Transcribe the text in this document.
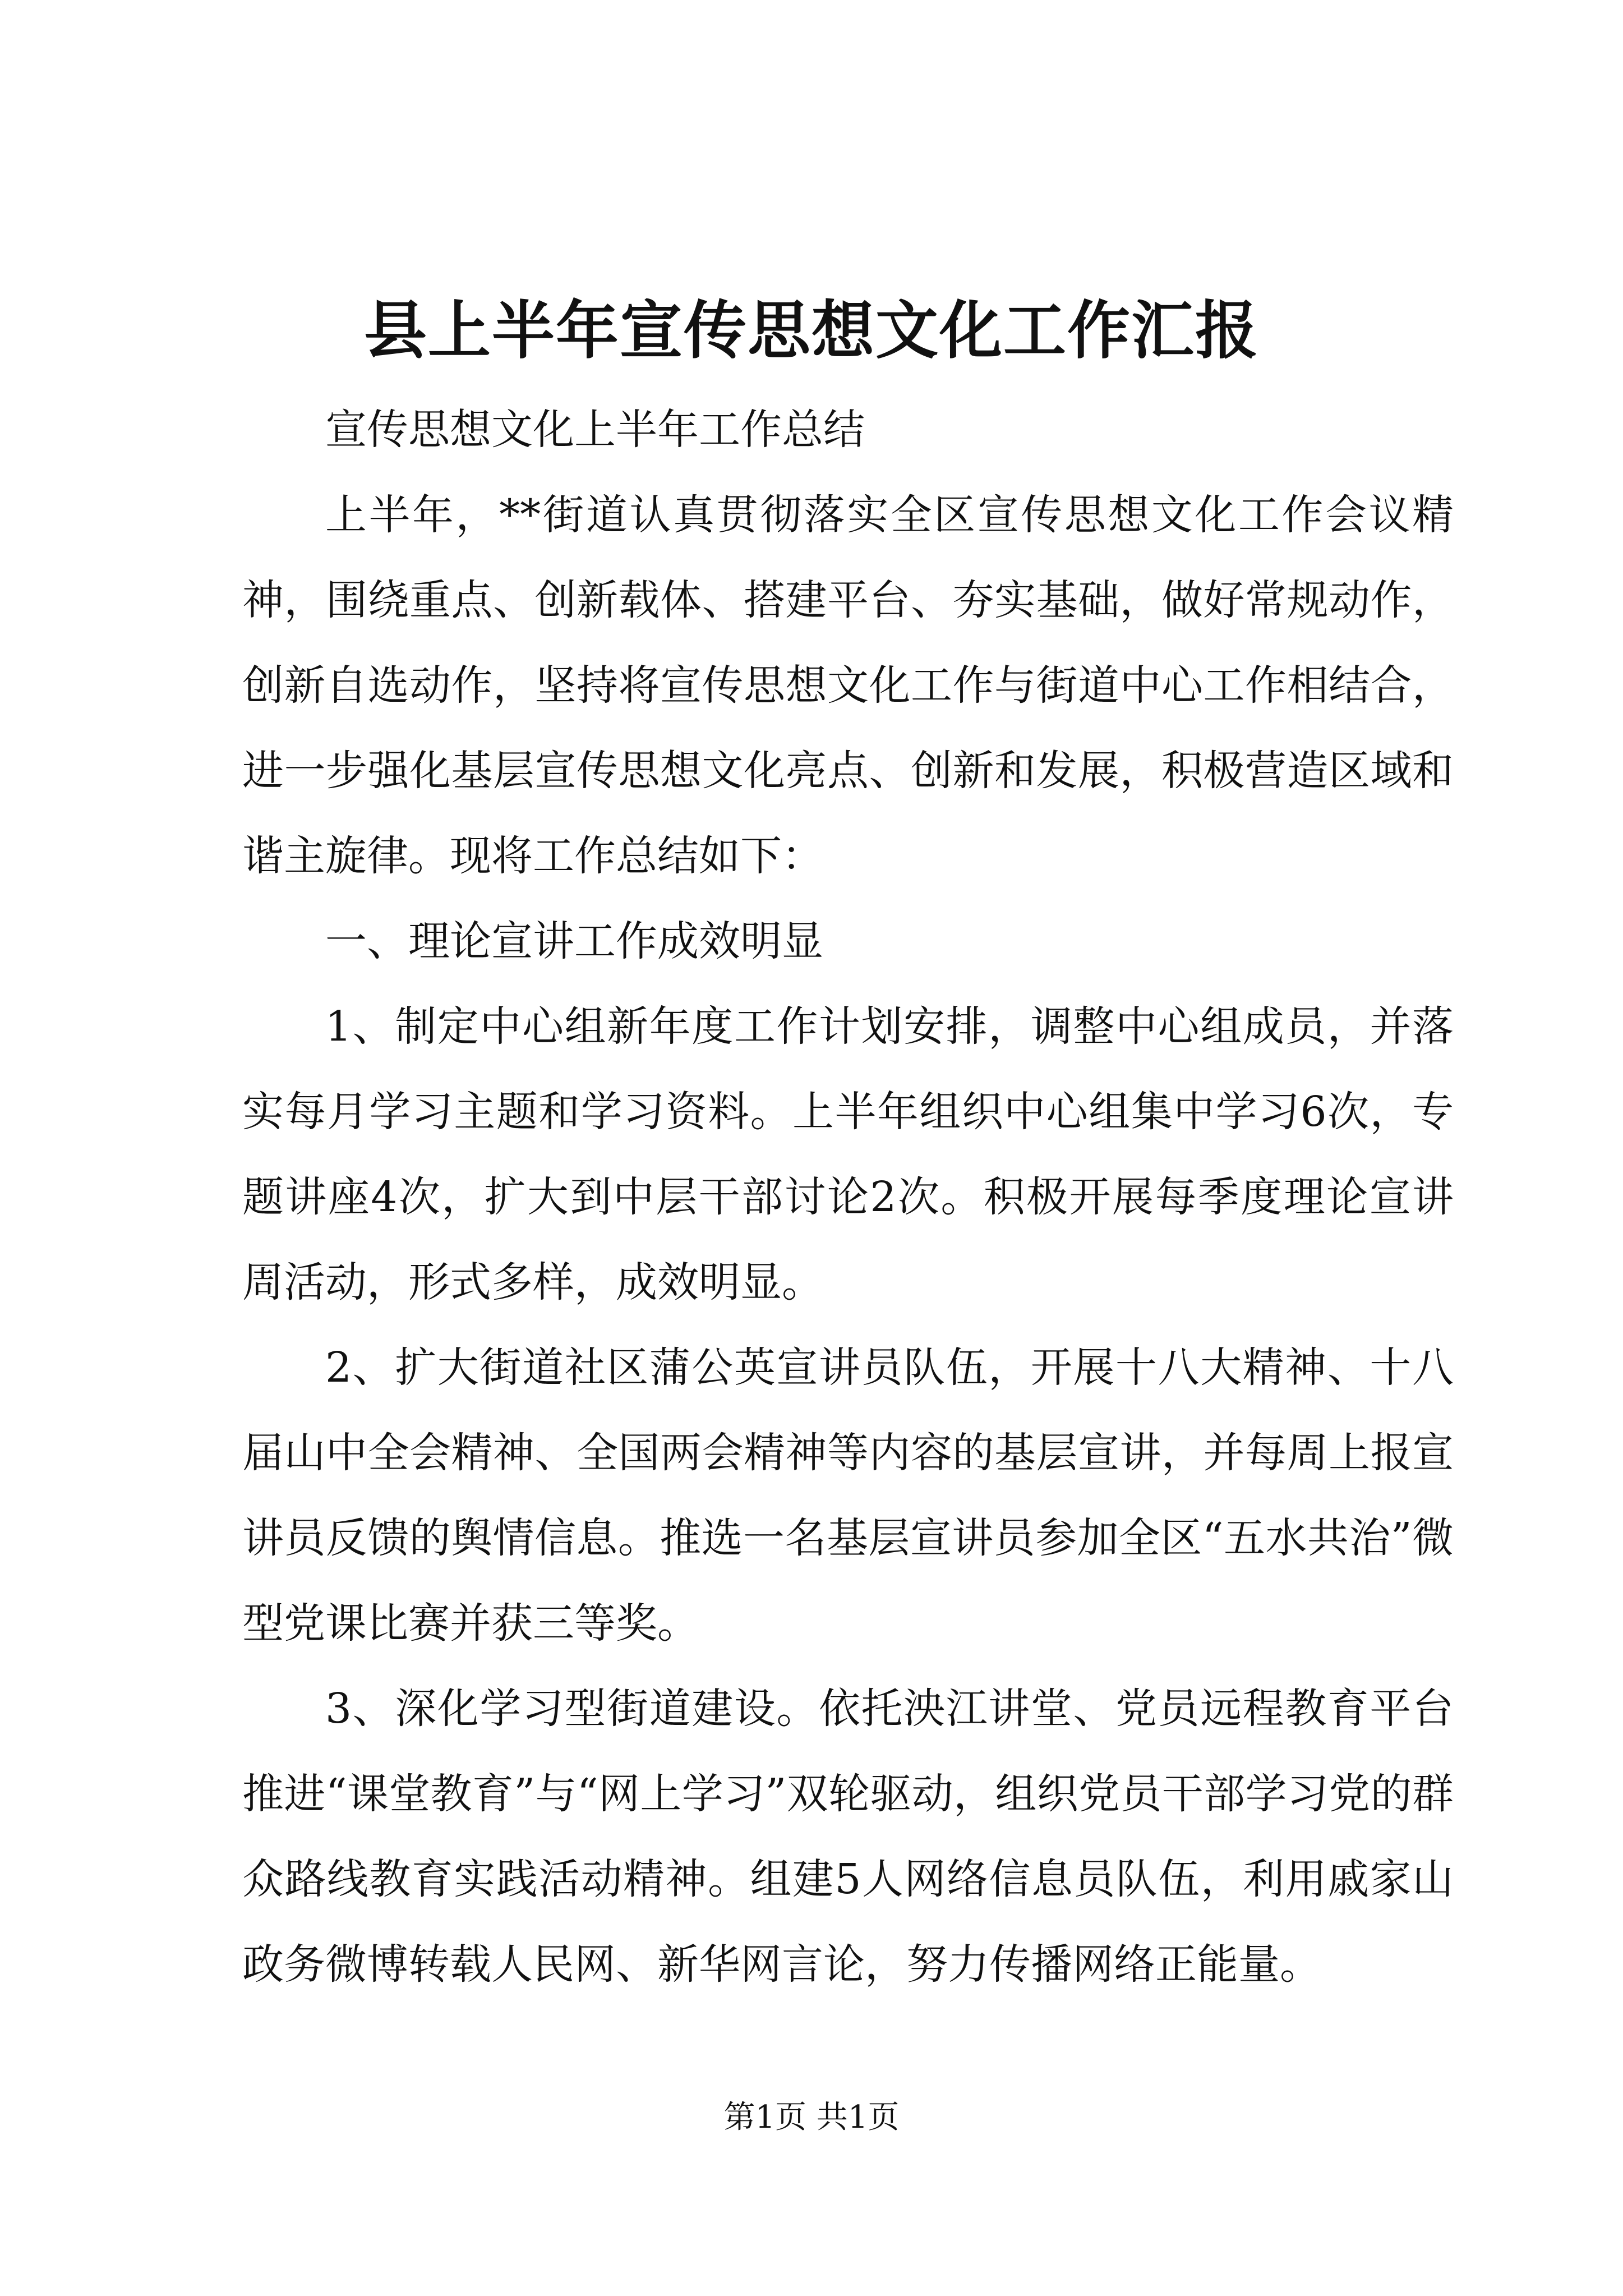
县上半年宣传思想文化工作汇报

宣传思想文化上半年工作总结

上半年，**街道认真贯彻落实全区宣传思想文化工作会议精神，围绕重点、创新载体、搭建平台、夯实基础，做好常规动作，创新自选动作，坚持将宣传思想文化工作与街道中心工作相结合，进一步强化基层宣传思想文化亮点、创新和发展，积极营造区域和谐主旋律。现将工作总结如下：

一、理论宣讲工作成效明显

1、制定中心组新年度工作计划安排，调整中心组成员，并落实每月学习主题和学习资料。上半年组织中心组集中学习6次，专题讲座4次，扩大到中层干部讨论2次。积极开展每季度理论宣讲周活动，形式多样，成效明显。

2、扩大街道社区蒲公英宣讲员队伍，开展十八大精神、十八届山中全会精神、全国两会精神等内容的基层宣讲，并每周上报宣讲员反馈的舆情信息。推选一名基层宣讲员参加全区“五水共治”微型党课比赛并获三等奖。

3、深化学习型街道建设。依托泱江讲堂、党员远程教育平台推进“课堂教育”与“网上学习”双轮驱动，组织党员干部学习党的群众路线教育实践活动精神。组建5人网络信息员队伍，利用戚家山政务微博转载人民网、新华网言论，努力传播网络正能量。

第1页 共1页
